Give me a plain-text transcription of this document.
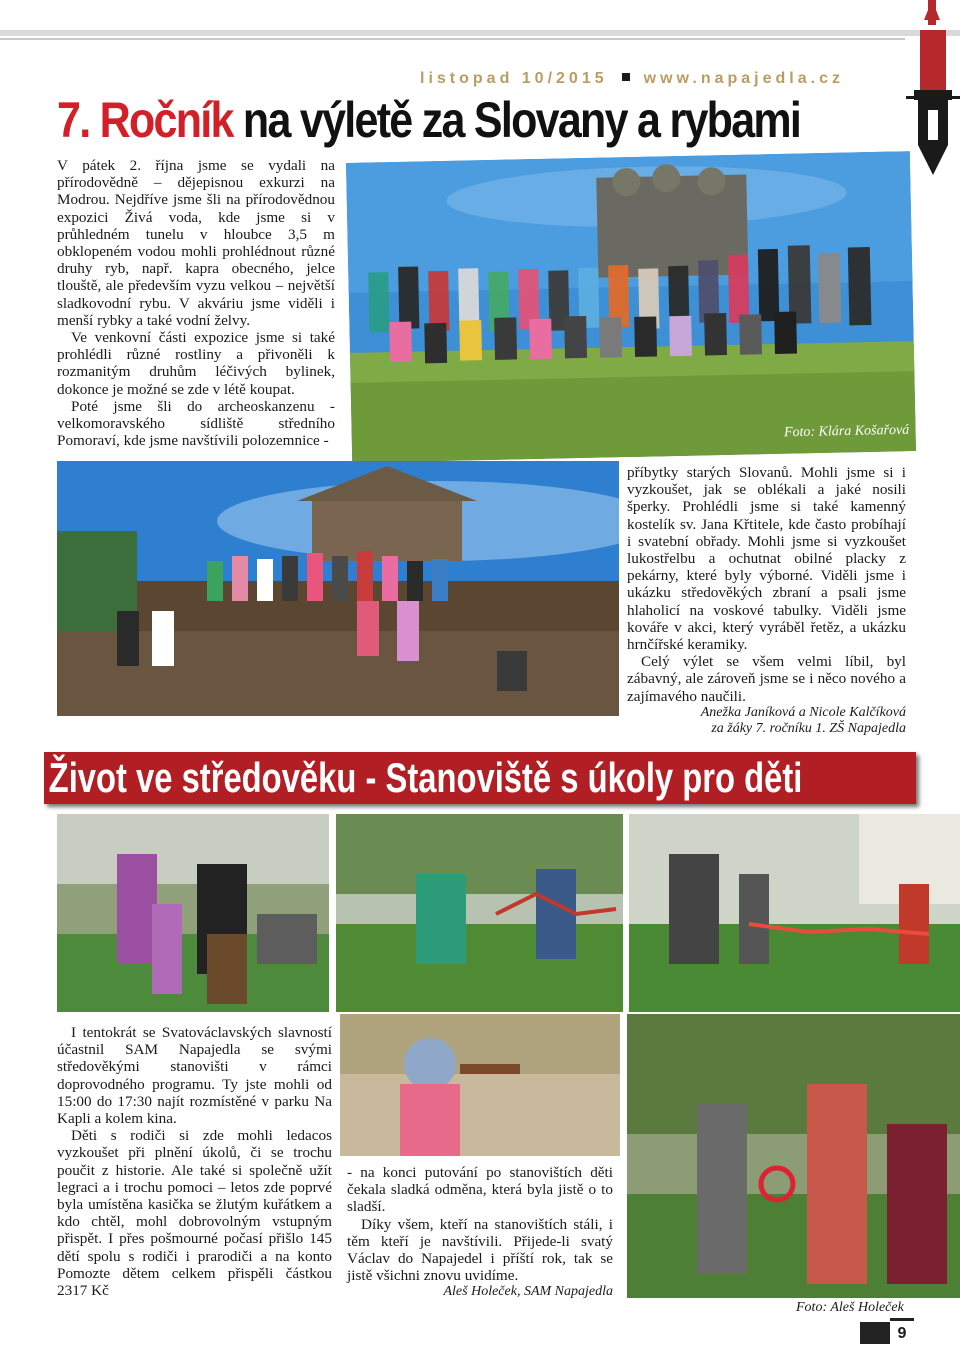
listopad 10/2015 www.napajedla.cz
7. Ročník na výletě za Slovany a rybami

V pátek 2. října jsme se vydali na přírodovědně – dějepisnou exkurzi na Modrou. Nejdříve jsme šli na přírodovědnou expozici Živá voda, kde jsme si v průhledném tunelu v hloubce 3,5 m obklopeném vodou mohli prohlédnout různé druhy ryb, např. kapra obecného, jelce tlouště, ale především vyzu velkou – největší sladkovodní rybu. V akváriu jsme viděli i menší rybky a také vodní želvy.

Ve venkovní části expozice jsme si také prohlédli různé rostliny a přivoněli k rozmanitým druhům léčivých bylinek, dokonce je možné se zde v létě koupat.

Poté jsme šli do archeoskanzenu - velkomoravského sídliště středního Pomoraví, kde jsme navštívili polozemnice -

Foto: Klára Košařová

příbytky starých Slovanů. Mohli jsme si i vyzkoušet, jak se oblékali a jaké nosili šperky. Prohlédli jsme si také kamenný kostelík sv. Jana Křtitele, kde často probíhají i svatební obřady. Mohli jsme si vyzkoušet lukostřelbu a ochutnat obilné placky z pekárny, které byly výborné. Viděli jsme i ukázku středověkých zbraní a psali jsme hlaholicí na voskové tabulky. Viděli jsme kováře v akci, který vyráběl řetěz, a ukázku hrnčířské keramiky.

Celý výlet se všem velmi líbil, byl zábavný, ale zároveň jsme se i něco nového a zajímavého naučili.

Anežka Janíková a Nicole Kalčíková
za žáky 7. ročníku 1. ZŠ Napajedla
Život ve středověku - Stanoviště s úkoly pro děti

I tentokrát se Svatováclavských slavností účastnil SAM Napajedla se svými středověkými stanovišti v rámci doprovodného programu. Ty jste mohli od 15:00 do 17:30 najít rozmístěné v parku Na Kapli a kolem kina.

Děti s rodiči si zde mohli ledacos vyzkoušet při plnění úkolů, či se trochu poučit z historie. Ale také si společně užít legraci a i trochu pomoci – letos zde poprvé byla umístěna kasička se žlutým kuřátkem a kdo chtěl, mohl dobrovolným vstupným přispět. I přes pošmourné počasí přišlo 145 dětí spolu s rodiči i prarodiči a na konto Pomozte dětem celkem přispěli částkou 2317 Kč

- na konci putování po stanovištích děti čekala sladká odměna, která byla jistě o to sladší.

Díky všem, kteří na stanovištích stáli, i těm kteří je navštívili. Přijede-li svatý Václav do Napajedel i příští rok, tak se jistě všichni znovu uvidíme.

Aleš Holeček, SAM Napajedla
Foto: Aleš Holeček
9
